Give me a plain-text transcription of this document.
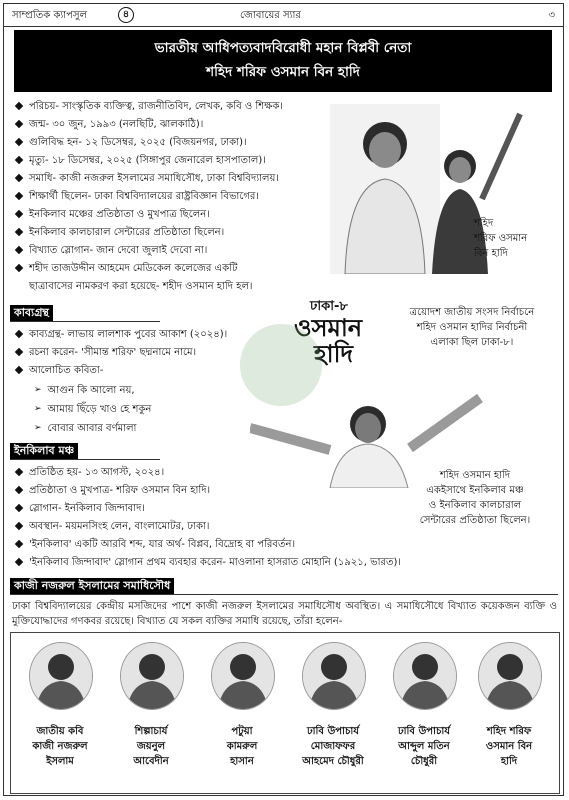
সাম্প্রতিক ক্যাপসুল	৪	জোবায়ের স্যার	৩
ভারতীয় আধিপত্যবাদবিরোধী মহান বিপ্লবী নেতা
শহিদ শরিফ ওসমান বিন হাদি
পরিচয়- সাংস্কৃতিক ব্যক্তিত্ব, রাজনীতিবিদ, লেখক, কবি ও শিক্ষক।
জন্ম- ৩০ জুন, ১৯৯৩ (নলছিটি, ঝালকাঠি)।
গুলিবিদ্ধ হন- ১২ ডিসেম্বর, ২০২৫ (বিজয়নগর, ঢাকা)।
মৃত্যু- ১৮ ডিসেম্বর, ২০২৫ (সিঙ্গাপুর জেনারেল হাসপাতাল)।
সমাধি- কাজী নজরুল ইসলামের সমাধিসৌধ, ঢাকা বিশ্ববিদ্যালয়।
শিক্ষার্থী ছিলেন- ঢাকা বিশ্ববিদ্যালয়ের রাষ্ট্রবিজ্ঞান বিভাগের।
ইনকিলাব মঞ্চের প্রতিষ্ঠাতা ও মুখপাত্র ছিলেন।
ইনকিলাব কালচারাল সেন্টারের প্রতিষ্ঠাতা ছিলেন।
বিখ্যাত স্লোগান- জান দেবো জুলাই দেবো না।
শহীদ তাজউদ্দীন আহমেদ মেডিকেল কলেজের একটি
ছাত্রাবাসের নামকরণ করা হয়েছে- শহীদ ওসমান হাদি হল।
শহিদ
শরিফ ওসমান
বিন হাদি
কাব্যগ্রন্থ
কাব্যগ্রন্থ- লাভায় লালশাক পুবের আকাশ (২০২৪)।
রচনা করেন- 'সীমান্ত শরিফ' ছদ্মনামে নামে।
আলোচিত কবিতা-
➢ আগুন কি আলো নয়,
➢ আমায় ছিঁড়ে খাও হে শকুন
➢ বোবার আবার বর্ণমালা
ঢাকা-৮
ওসমান
হাদি
ত্রয়োদশ জাতীয় সংসদ নির্বাচনে
শহিদ ওসমান হাদির নির্বাচনী
এলাকা ছিল ঢাকা-৮।
ইনকিলাব মঞ্চ
প্রতিষ্ঠিত হয়- ১৩ আগস্ট, ২০২৪।
প্রতিষ্ঠাতা ও মুখপাত্র- শরিফ ওসমান বিন হাদি।
স্লোগান- ইনকিলাব জিন্দাবাদ।
অবস্থান- ময়মনসিংহ লেন, বাংলামোটর, ঢাকা।
'ইনকিলাব' একটি আরবি শব্দ, যার অর্থ- বিপ্লব, বিদ্রোহ বা পরিবর্তন।
'ইনকিলাব জিন্দাবাদ' স্লোগান প্রথম ব্যবহার করেন- মাওলানা হাসরাত মোহানি (১৯২১, ভারত)।
শহিদ ওসমান হাদি
একইসাথে ইনকিলাব মঞ্চ
ও ইনকিলাব কালচারাল
সেন্টারের প্রতিষ্ঠাতা ছিলেন।
কাজী নজরুল ইসলামের সমাধিসৌধ
ঢাকা বিশ্ববিদ্যালয়ের কেন্দ্রীয় মসজিদের পাশে কাজী নজরুল ইসলামের সমাধিসৌধ অবস্থিত। এ সমাধিসৌধে বিখ্যাত কয়েকজন ব্যক্তি ও মুক্তিযোদ্ধাদের গণকবর রয়েছে। বিখ্যাত যে সকল ব্যক্তির সমাধি রয়েছে, তাঁরা হলেন-
জাতীয় কবি
কাজী নজরুল
ইসলাম
শিল্পাচার্য
জয়নুল
আবেদীন
পটুয়া
কামরুল
হাসান
ঢাবি উপাচার্য
মোজাফফর
আহমেদ চৌধুরী
ঢাবি উপাচার্য
আব্দুল মতিন
চৌধুরী
শহিদ শরিফ
ওসমান বিন
হাদি
